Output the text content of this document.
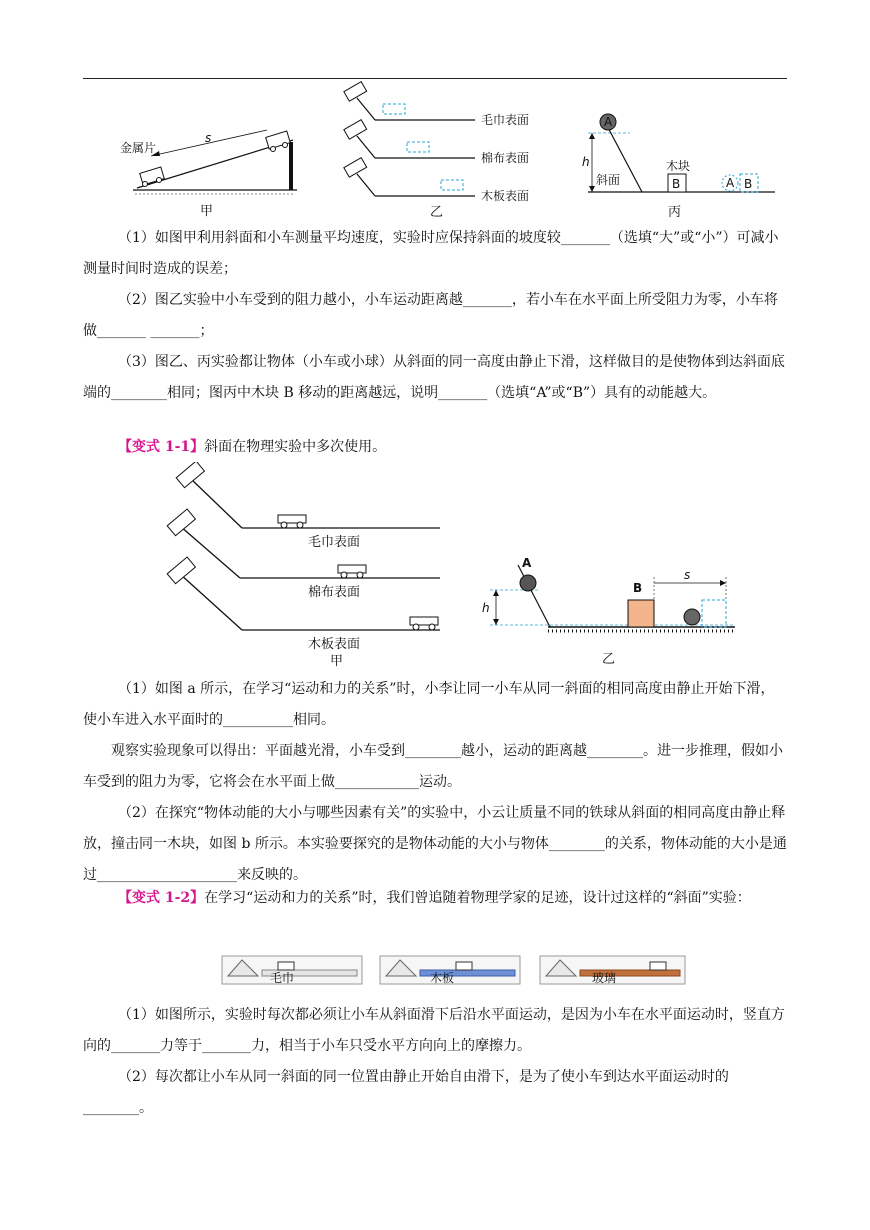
金属片
s
甲
毛巾表面
棉布表面
木板表面
乙
A
h
斜面
木块
B	A B
丙
（1）如图甲利用斜面和小车测量平均速度，实验时应保持斜面的坡度较_______（选填“大”或“小”）可减小测量时间时造成的误差；
（2）图乙实验中小车受到的阻力越小，小车运动距离越_______，若小车在水平面上所受阻力为零，小车将做_______ _______；
（3）图乙、丙实验都让物体（小车或小球）从斜面的同一高度由静止下滑，这样做目的是使物体到达斜面底端的________相同；图丙中木块 B 移动的距离越远，说明_______（选填“A”或“B”）具有的动能越大。
【变式 1-1】斜面在物理实验中多次使用。
毛巾表面
棉布表面
木板表面
甲
A
h
B
s
乙
（1）如图 a 所示，在学习“运动和力的关系”时，小李让同一小车从同一斜面的相同高度由静止开始下滑，使小车进入水平面时的__________相同。
观察实验现象可以得出：平面越光滑，小车受到________越小，运动的距离越________。进一步推理，假如小车受到的阻力为零，它将会在水平面上做____________运动。
（2）在探究“物体动能的大小与哪些因素有关”的实验中，小云让质量不同的铁球从斜面的相同高度由静止释放，撞击同一木块，如图 b 所示。本实验要探究的是物体动能的大小与物体________的关系，物体动能的大小是通过____________________来反映的。
【变式 1-2】在学习“运动和力的关系”时，我们曾追随着物理学家的足迹，设计过这样的“斜面”实验：
毛巾	木板	玻璃
（1）如图所示，实验时每次都必须让小车从斜面滑下后沿水平面运动，是因为小车在水平面运动时，竖直方向的_______力等于_______力，相当于小车只受水平方向向上的摩擦力。
（2）每次都让小车从同一斜面的同一位置由静止开始自由滑下，是为了使小车到达水平面运动时的________。
